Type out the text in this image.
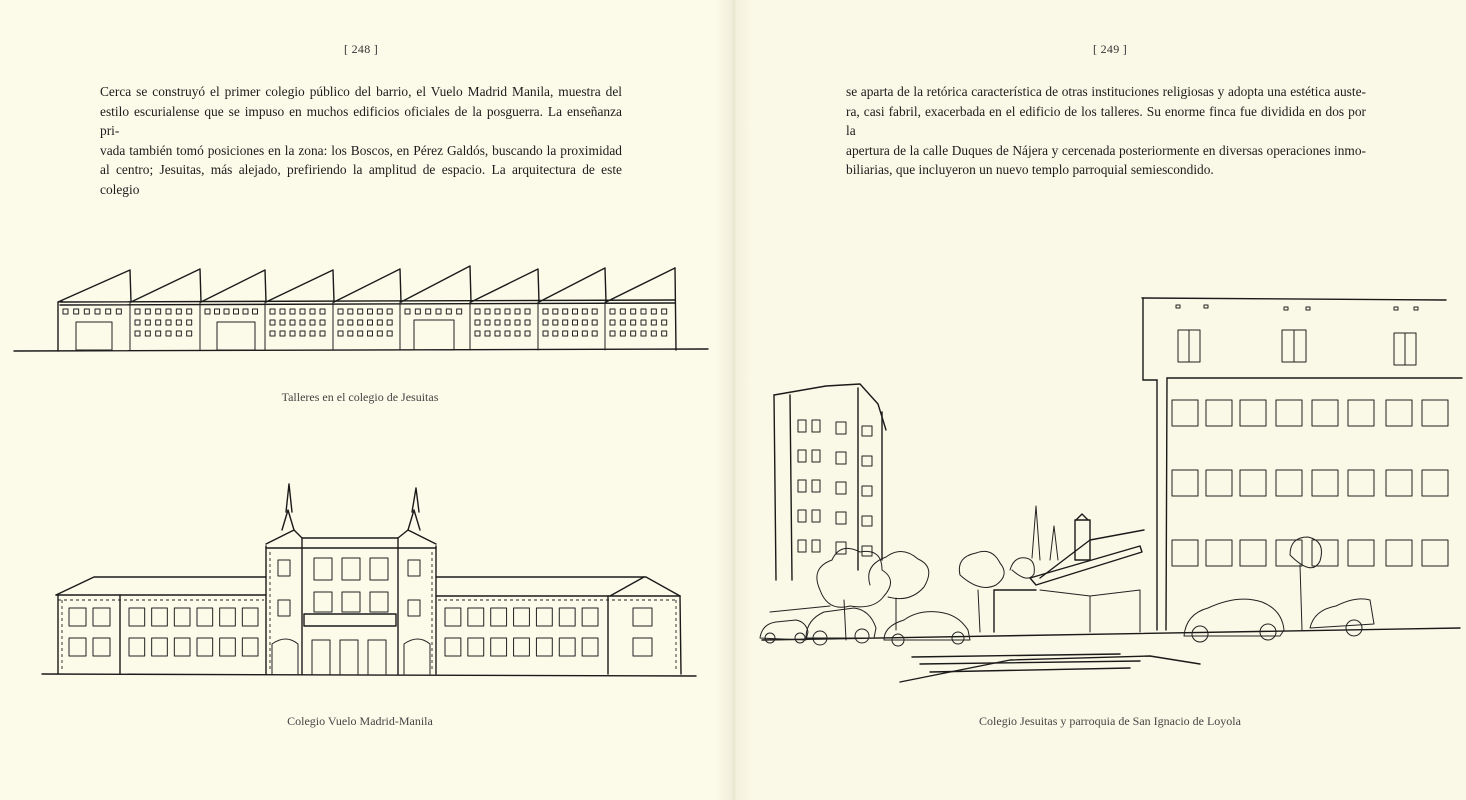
[ 248 ]

Cerca se construyó el primer colegio público del barrio, el Vuelo Madrid Manila, muestra del

estilo escurialense que se impuso en muchos edificios oficiales de la posguerra. La enseñanza pri-

vada también tomó posiciones en la zona: los Boscos, en Pérez Galdós, buscando la proximidad

al centro; Jesuitas, más alejado, prefiriendo la amplitud de espacio. La arquitectura de este colegio

Talleres en el colegio de Jesuitas
Colegio Vuelo Madrid-Manila
[ 249 ]

se aparta de la retórica característica de otras instituciones religiosas y adopta una estética auste-

ra, casi fabril, exacerbada en el edificio de los talleres. Su enorme finca fue dividida en dos por la

apertura de la calle Duques de Nájera y cercenada posteriormente en diversas operaciones inmo-

biliarias, que incluyeron un nuevo templo parroquial semiescondido.

Colegio Jesuitas y parroquia de San Ignacio de Loyola
